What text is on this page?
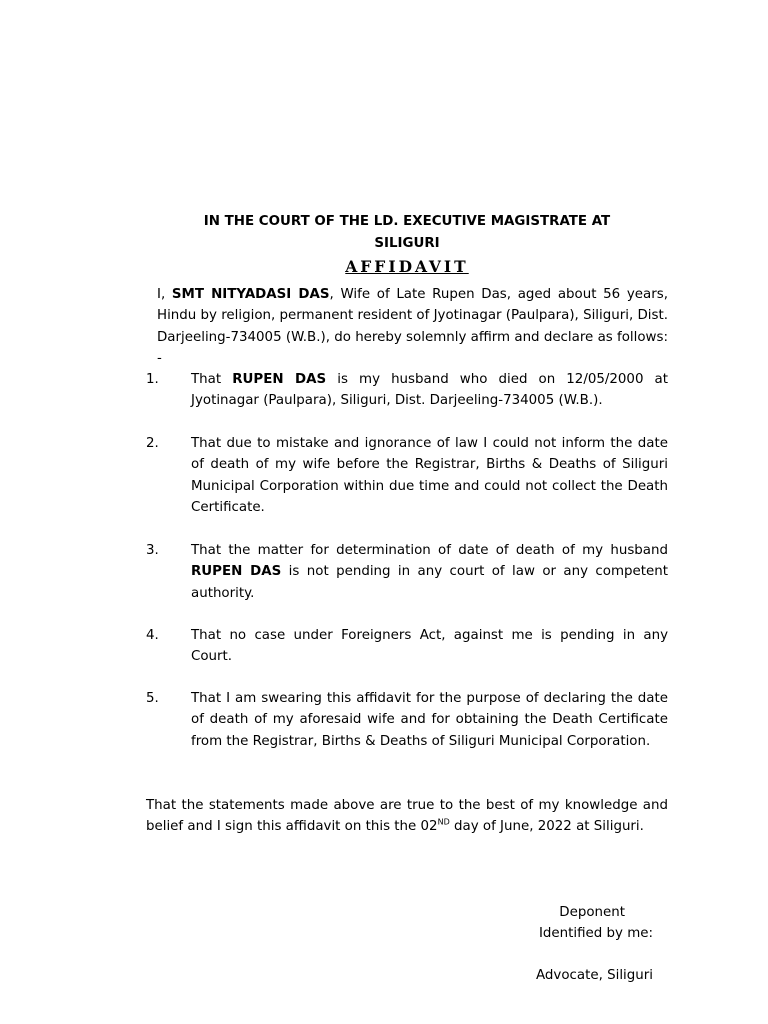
IN THE COURT OF THE LD. EXECUTIVE MAGISTRATE AT
SILIGURI
AFFIDAVIT
I, SMT NITYADASI DAS, Wife of Late Rupen Das, aged about 56 years, Hindu by religion, permanent resident of Jyotinagar (Paulpara), Siliguri, Dist. Darjeeling-734005 (W.B.), do hereby solemnly affirm and declare as follows: -
1.	That RUPEN DAS is my husband who died on 12/05/2000 at Jyotinagar (Paulpara), Siliguri, Dist. Darjeeling-734005 (W.B.).
2.	That due to mistake and ignorance of law I could not inform the date of death of my wife before the Registrar, Births & Deaths of Siliguri Municipal Corporation within due time and could not collect the Death Certificate.
3.	That the matter for determination of date of death of my husband RUPEN DAS is not pending in any court of law or any competent authority.
4.	That no case under Foreigners Act, against me is pending in any Court.
5.	That I am swearing this affidavit for the purpose of declaring the date of death of my aforesaid wife and for obtaining the Death Certificate from the Registrar, Births & Deaths of Siliguri Municipal Corporation.
That the statements made above are true to the best of my knowledge and belief and I sign this affidavit on this the 02ND day of June, 2022 at Siliguri.
Deponent
Identified by me:
Advocate, Siliguri
